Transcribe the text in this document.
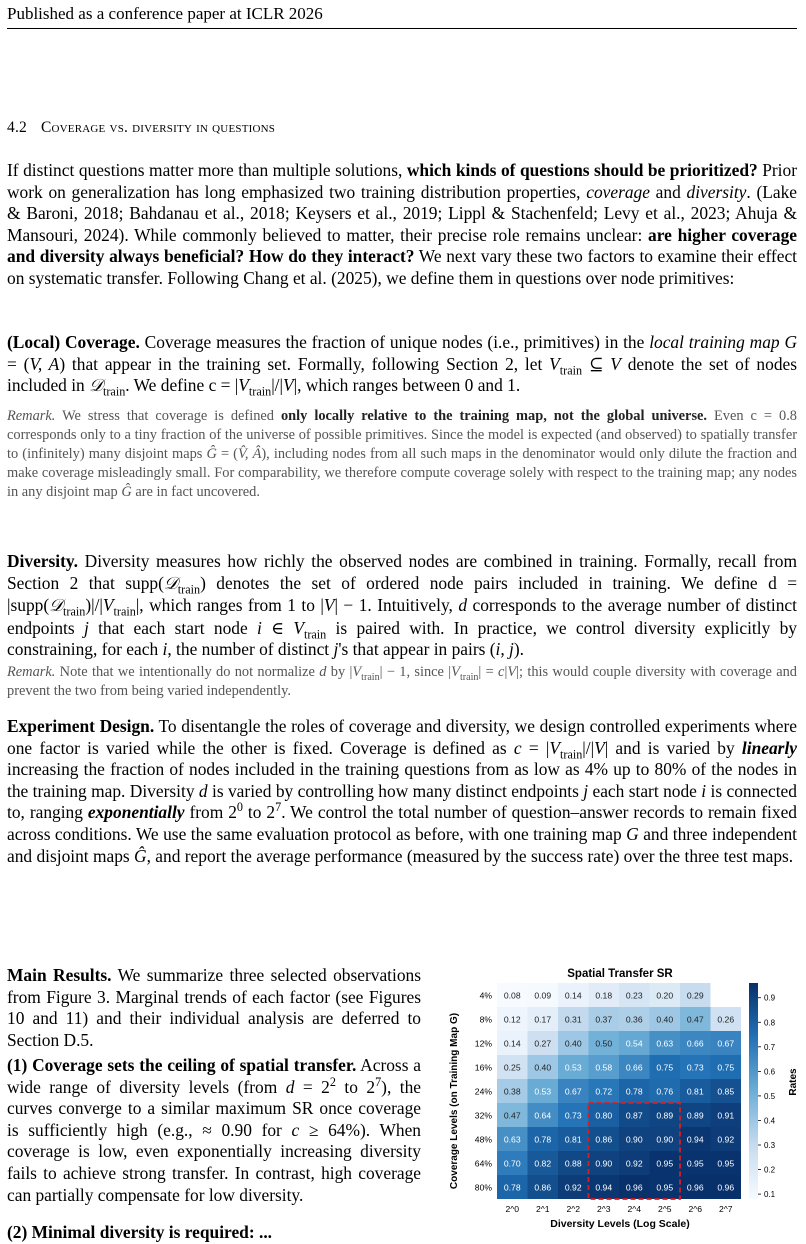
Published as a conference paper at ICLR 2026
4.2 Coverage vs. diversity in questions
If distinct questions matter more than multiple solutions, which kinds of questions should be prioritized? Prior work on generalization has long emphasized two training distribution properties, coverage and diversity. (Lake & Baroni, 2018; Bahdanau et al., 2018; Keysers et al., 2019; Lippl & Stachenfeld; Levy et al., 2023; Ahuja & Mansouri, 2024). While commonly believed to matter, their precise role remains unclear: are higher coverage and diversity always beneficial? How do they interact? We next vary these two factors to examine their effect on systematic transfer. Following Chang et al. (2025), we define them in questions over node primitives:
(Local) Coverage. Coverage measures the fraction of unique nodes (i.e., primitives) in the local training map G = (V, A) that appear in the training set. Formally, following Section 2, let $V_{train}$ ⊆ V denote the set of nodes included in 𝒟$_{train}$. We define $c = |V_{train}|/|V|$, which ranges between 0 and 1.
Remark. We stress that coverage is defined only locally relative to the training map, not the global universe. Even c = 0.8 corresponds only to a tiny fraction of the universe of possible primitives. Since the model is expected (and observed) to spatially transfer to (infinitely) many disjoint maps Ĝ = (V̂, Â), including nodes from all such maps in the denominator would only dilute the fraction and make coverage misleadingly small. For comparability, we therefore compute coverage solely with respect to the training map; any nodes in any disjoint map Ĝ are in fact uncovered.
Diversity. Diversity measures how richly the observed nodes are combined in training. Formally, recall from Section 2 that supp(𝒟$_{train}$) denotes the set of ordered node pairs included in training. We define $d = |supp(𝒟_{train})|/|V_{train}|$, which ranges from 1 to |V| − 1. Intuitively, d corresponds to the average number of distinct endpoints j that each start node i ∈ $V_{train}$ is paired with. In practice, we control diversity explicitly by constraining, for each i, the number of distinct j's that appear in pairs (i, j).
Remark. Note that we intentionally do not normalize d by $|V_{train}| - 1$, since $|V_{train}| = c|V|$; this would couple diversity with coverage and prevent the two from being varied independently.
Experiment Design. To disentangle the roles of coverage and diversity, we design controlled experiments where one factor is varied while the other is fixed. Coverage is defined as $c = |V_{train}|/|V|$ and is varied by linearly increasing the fraction of nodes included in the training questions from as low as 4% up to 80% of the nodes in the training map. Diversity d is varied by controlling how many distinct endpoints j each start node i is connected to, ranging exponentially from $2^0$ to $2^7$. We control the total number of question–answer records to remain fixed across conditions. We use the same evaluation protocol as before, with one training map G and three independent and disjoint maps Ĝ, and report the average performance (measured by the success rate) over the three test maps.
Main Results. We summarize three selected observations from Figure 3. Marginal trends of each factor (see Figures 10 and 11) and their individual analysis are deferred to Section D.5.
(1) Coverage sets the ceiling of spatial transfer. Across a wide range of diversity levels (from $d = 2^2$ to $2^7$), the curves converge to a similar maximum SR once coverage is sufficiently high (e.g., ≈ 0.90 for c ≥ 64%). When coverage is low, even exponentially increasing diversity fails to achieve strong transfer. In contrast, high coverage can partially compensate for low diversity.
(2) Minimal diversity is required: ...
Spatial Transfer SR
Coverage Levels (on Training Map G)
Diversity Levels (Log Scale)
Rates
0.08 0.09 0.14 0.18 0.23 0.20 0.29
0.12 0.17 0.31 0.37 0.36 0.40 0.47 0.26
0.14 0.27 0.40 0.50 0.54 0.63 0.66 0.67
0.25 0.40 0.53 0.58 0.66 0.75 0.73 0.75
0.38 0.53 0.67 0.72 0.78 0.76 0.81 0.85
0.47 0.64 0.73 0.80 0.87 0.89 0.89 0.91
0.63 0.78 0.81 0.86 0.90 0.90 0.94 0.92
0.70 0.82 0.88 0.90 0.92 0.95 0.95 0.95
0.78 0.86 0.92 0.94 0.96 0.95 0.96 0.96
4%
8%
12%
16%
24%
32%
48%
64%
80%
2^0 2^1 2^2 2^3 2^4 2^5 2^6 2^7
0.1
0.2
0.3
0.4
0.5
0.6
0.7
0.8
0.9
